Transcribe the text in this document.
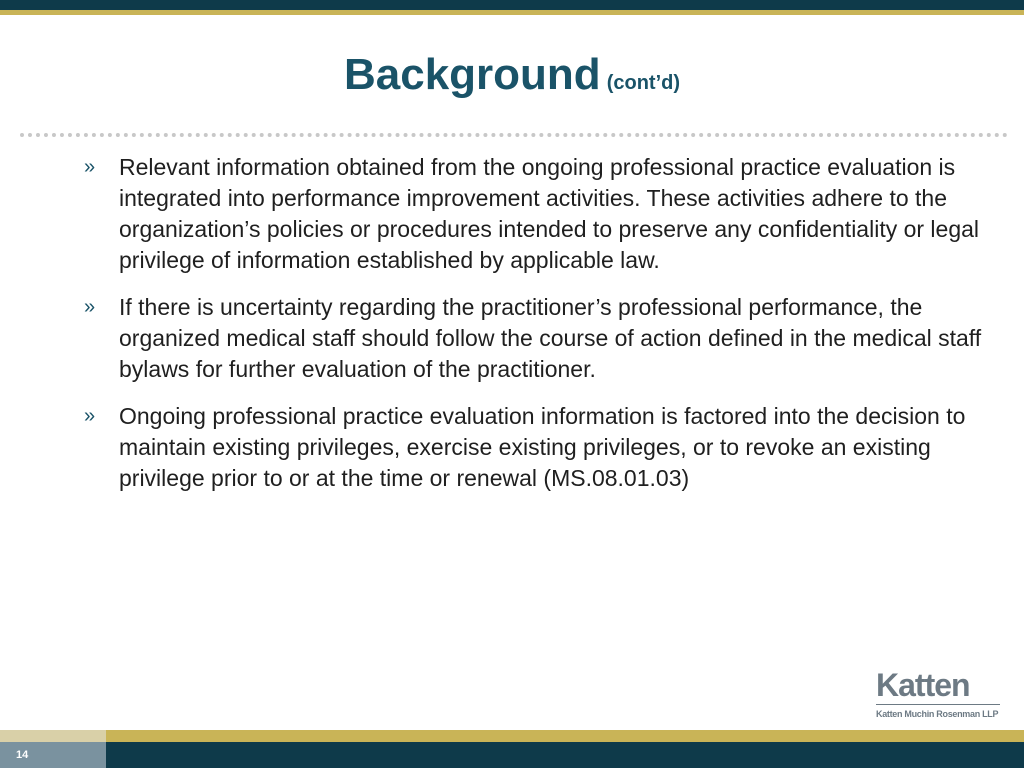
Background (cont’d)
» Relevant information obtained from the ongoing professional practice evaluation is integrated into performance improvement activities. These activities adhere to the organization’s policies or procedures intended to preserve any confidentiality or legal privilege of information established by applicable law.
» If there is uncertainty regarding the practitioner’s professional performance, the organized medical staff should follow the course of action defined in the medical staff bylaws for further evaluation of the practitioner.
» Ongoing professional practice evaluation information is factored into the decision to maintain existing privileges, exercise existing privileges, or to revoke an existing privilege prior to or at the time or renewal (MS.08.01.03)
Katten
Katten Muchin Rosenman LLP
14
